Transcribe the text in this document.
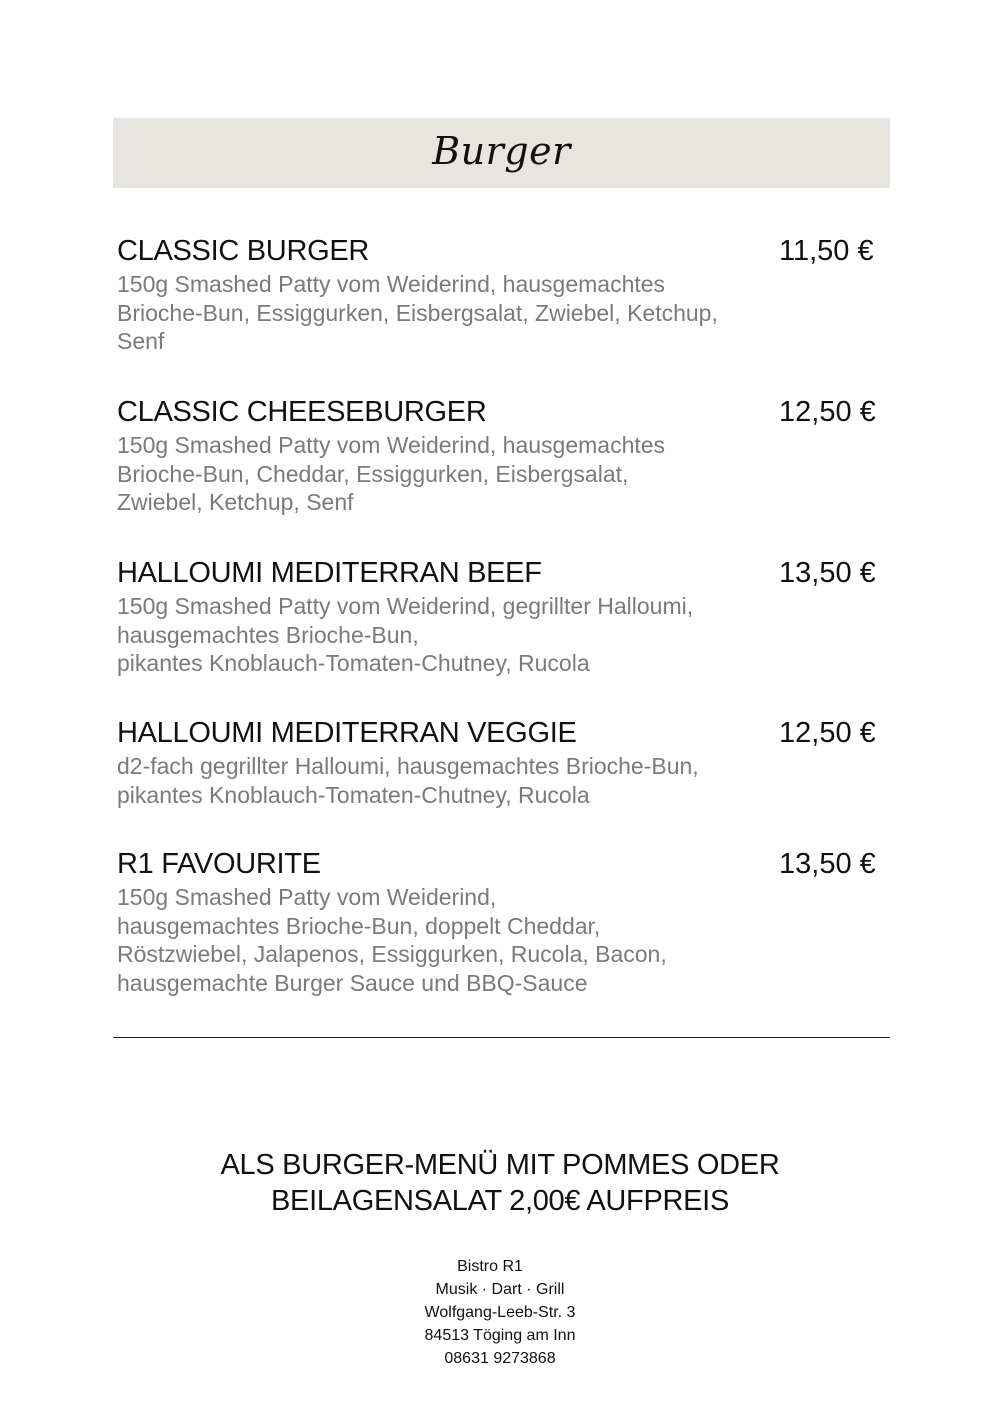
Burger
CLASSIC BURGER	11,50 €
150g Smashed Patty vom Weiderind, hausgemachtes
Brioche-Bun, Essiggurken, Eisbergsalat, Zwiebel, Ketchup,
Senf
CLASSIC CHEESEBURGER	12,50 €
150g Smashed Patty vom Weiderind, hausgemachtes
Brioche-Bun, Cheddar, Essiggurken, Eisbergsalat,
Zwiebel, Ketchup, Senf
HALLOUMI MEDITERRAN BEEF	13,50 €
150g Smashed Patty vom Weiderind, gegrillter Halloumi,
hausgemachtes Brioche-Bun,
pikantes Knoblauch-Tomaten-Chutney, Rucola
HALLOUMI MEDITERRAN VEGGIE	12,50 €
d2-fach gegrillter Halloumi, hausgemachtes Brioche-Bun,
pikantes Knoblauch-Tomaten-Chutney, Rucola
R1 FAVOURITE	13,50 €
150g Smashed Patty vom Weiderind,
hausgemachtes Brioche-Bun, doppelt Cheddar,
Röstzwiebel, Jalapenos, Essiggurken, Rucola, Bacon,
hausgemachte Burger Sauce und BBQ-Sauce
ALS BURGER-MENÜ MIT POMMES ODER
BEILAGENSALAT 2,00€ AUFPREIS
Bistro R1
Musik · Dart · Grill
Wolfgang-Leeb-Str. 3
84513 Töging am Inn
08631 9273868
